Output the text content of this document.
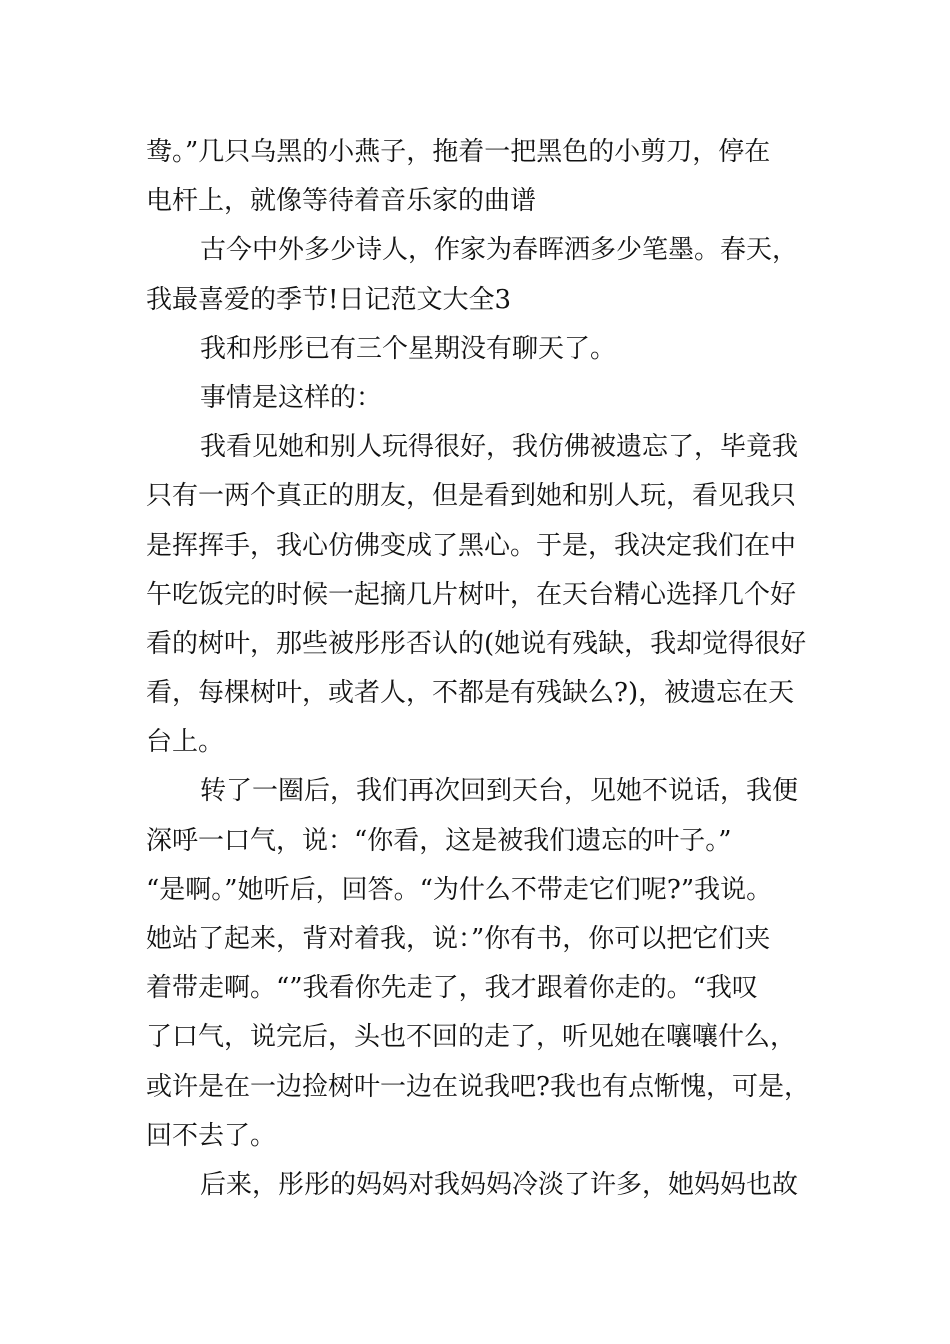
鸯。”几只乌黑的小燕子，拖着一把黑色的小剪刀，停在
电杆上，就像等待着音乐家的曲谱
古今中外多少诗人，作家为春晖洒多少笔墨。春天，
我最喜爱的季节!日记范文大全3
我和彤彤已有三个星期没有聊天了。
事情是这样的：
我看见她和别人玩得很好，我仿佛被遗忘了，毕竟我
只有一两个真正的朋友，但是看到她和别人玩，看见我只
是挥挥手，我心仿佛变成了黑心。于是，我决定我们在中
午吃饭完的时候一起摘几片树叶，在天台精心选择几个好
看的树叶，那些被彤彤否认的(她说有残缺，我却觉得很好
看，每棵树叶，或者人，不都是有残缺么?)，被遗忘在天
台上。
转了一圈后，我们再次回到天台，见她不说话，我便
深呼一口气，说：“你看，这是被我们遗忘的叶子。”
“是啊。”她听后，回答。“为什么不带走它们呢?”我说。
她站了起来，背对着我，说：”你有书，你可以把它们夹
着带走啊。“”我看你先走了，我才跟着你走的。“我叹
了口气，说完后，头也不回的走了，听见她在嚷嚷什么，
或许是在一边捡树叶一边在说我吧?我也有点惭愧，可是，
回不去了。
后来，彤彤的妈妈对我妈妈冷淡了许多，她妈妈也故
